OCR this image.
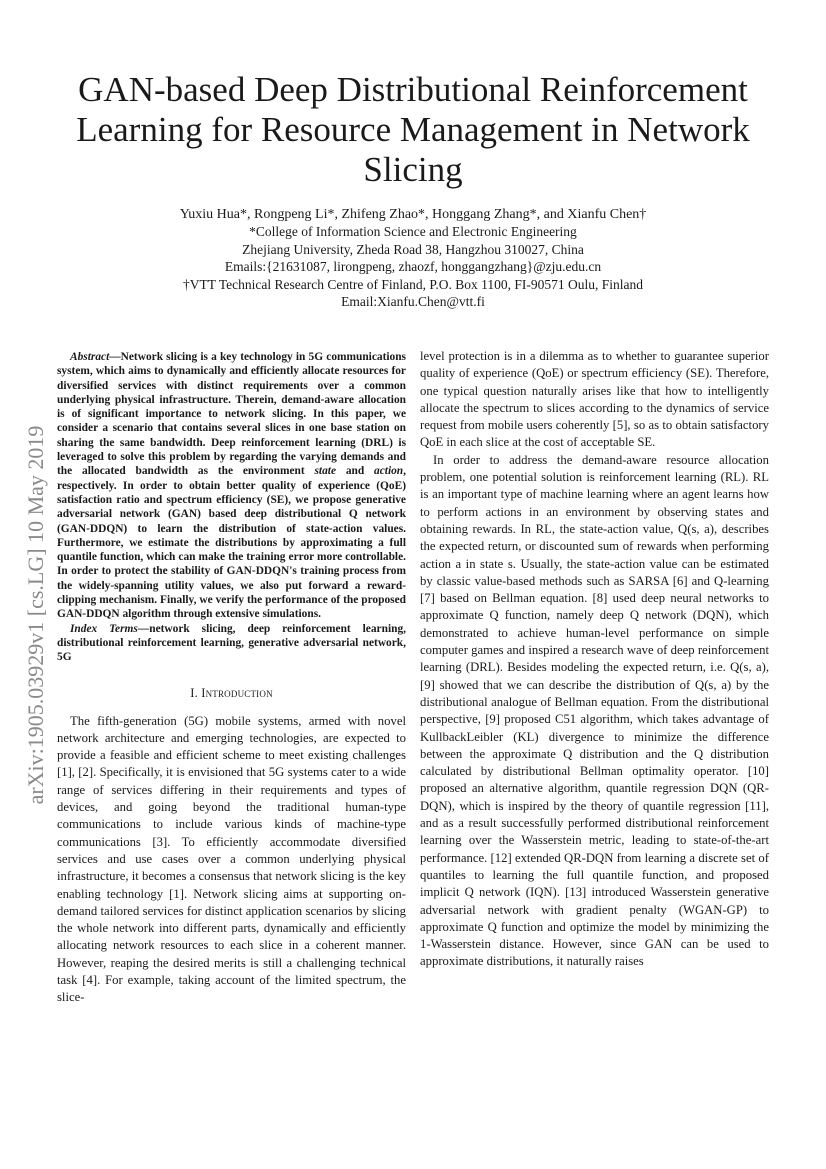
GAN-based Deep Distributional Reinforcement Learning for Resource Management in Network Slicing
Yuxiu Hua*, Rongpeng Li*, Zhifeng Zhao*, Honggang Zhang*, and Xianfu Chen†
*College of Information Science and Electronic Engineering
Zhejiang University, Zheda Road 38, Hangzhou 310027, China
Emails:{21631087, lirongpeng, zhaozf, honggangzhang}@zju.edu.cn
†VTT Technical Research Centre of Finland, P.O. Box 1100, FI-90571 Oulu, Finland
Email:Xianfu.Chen@vtt.fi
arXiv:1905.03929v1 [cs.LG] 10 May 2019

Abstract—Network slicing is a key technology in 5G communications system, which aims to dynamically and efficiently allocate resources for diversified services with distinct requirements over a common underlying physical infrastructure. Therein, demand-aware allocation is of significant importance to network slicing. In this paper, we consider a scenario that contains several slices in one base station on sharing the same bandwidth. Deep reinforcement learning (DRL) is leveraged to solve this problem by regarding the varying demands and the allocated bandwidth as the environment state and action, respectively. In order to obtain better quality of experience (QoE) satisfaction ratio and spectrum efficiency (SE), we propose generative adversarial network (GAN) based deep distributional Q network (GAN-DDQN) to learn the distribution of state-action values. Furthermore, we estimate the distributions by approximating a full quantile function, which can make the training error more controllable. In order to protect the stability of GAN-DDQN's training process from the widely-spanning utility values, we also put forward a reward-clipping mechanism. Finally, we verify the performance of the proposed GAN-DDQN algorithm through extensive simulations.

Index Terms—network slicing, deep reinforcement learning, distributional reinforcement learning, generative adversarial network, 5G

I. Introduction

The fifth-generation (5G) mobile systems, armed with novel network architecture and emerging technologies, are expected to provide a feasible and efficient scheme to meet existing challenges [1], [2]. Specifically, it is envisioned that 5G systems cater to a wide range of services differing in their requirements and types of devices, and going beyond the traditional human-type communications to include various kinds of machine-type communications [3]. To efficiently accommodate diversified services and use cases over a common underlying physical infrastructure, it becomes a consensus that network slicing is the key enabling technology [1]. Network slicing aims at supporting on-demand tailored services for distinct application scenarios by slicing the whole network into different parts, dynamically and efficiently allocating network resources to each slice in a coherent manner. However, reaping the desired merits is still a challenging technical task [4]. For example, taking account of the limited spectrum, the slice-

level protection is in a dilemma as to whether to guarantee superior quality of experience (QoE) or spectrum efficiency (SE). Therefore, one typical question naturally arises like that how to intelligently allocate the spectrum to slices according to the dynamics of service request from mobile users coherently [5], so as to obtain satisfactory QoE in each slice at the cost of acceptable SE.

In order to address the demand-aware resource allocation problem, one potential solution is reinforcement learning (RL). RL is an important type of machine learning where an agent learns how to perform actions in an environment by observing states and obtaining rewards. In RL, the state-action value, Q(s, a), describes the expected return, or discounted sum of rewards when performing action a in state s. Usually, the state-action value can be estimated by classic value-based methods such as SARSA [6] and Q-learning [7] based on Bellman equation. [8] used deep neural networks to approximate Q function, namely deep Q network (DQN), which demonstrated to achieve human-level performance on simple computer games and inspired a research wave of deep reinforcement learning (DRL). Besides modeling the expected return, i.e. Q(s, a), [9] showed that we can describe the distribution of Q(s, a) by the distributional analogue of Bellman equation. From the distributional perspective, [9] proposed C51 algorithm, which takes advantage of KullbackLeibler (KL) divergence to minimize the difference between the approximate Q distribution and the Q distribution calculated by distributional Bellman optimality operator. [10] proposed an alternative algorithm, quantile regression DQN (QR-DQN), which is inspired by the theory of quantile regression [11], and as a result successfully performed distributional reinforcement learning over the Wasserstein metric, leading to state-of-the-art performance. [12] extended QR-DQN from learning a discrete set of quantiles to learning the full quantile function, and proposed implicit Q network (IQN). [13] introduced Wasserstein generative adversarial network with gradient penalty (WGAN-GP) to approximate Q function and optimize the model by minimizing the 1-Wasserstein distance. However, since GAN can be used to approximate distributions, it naturally raises
